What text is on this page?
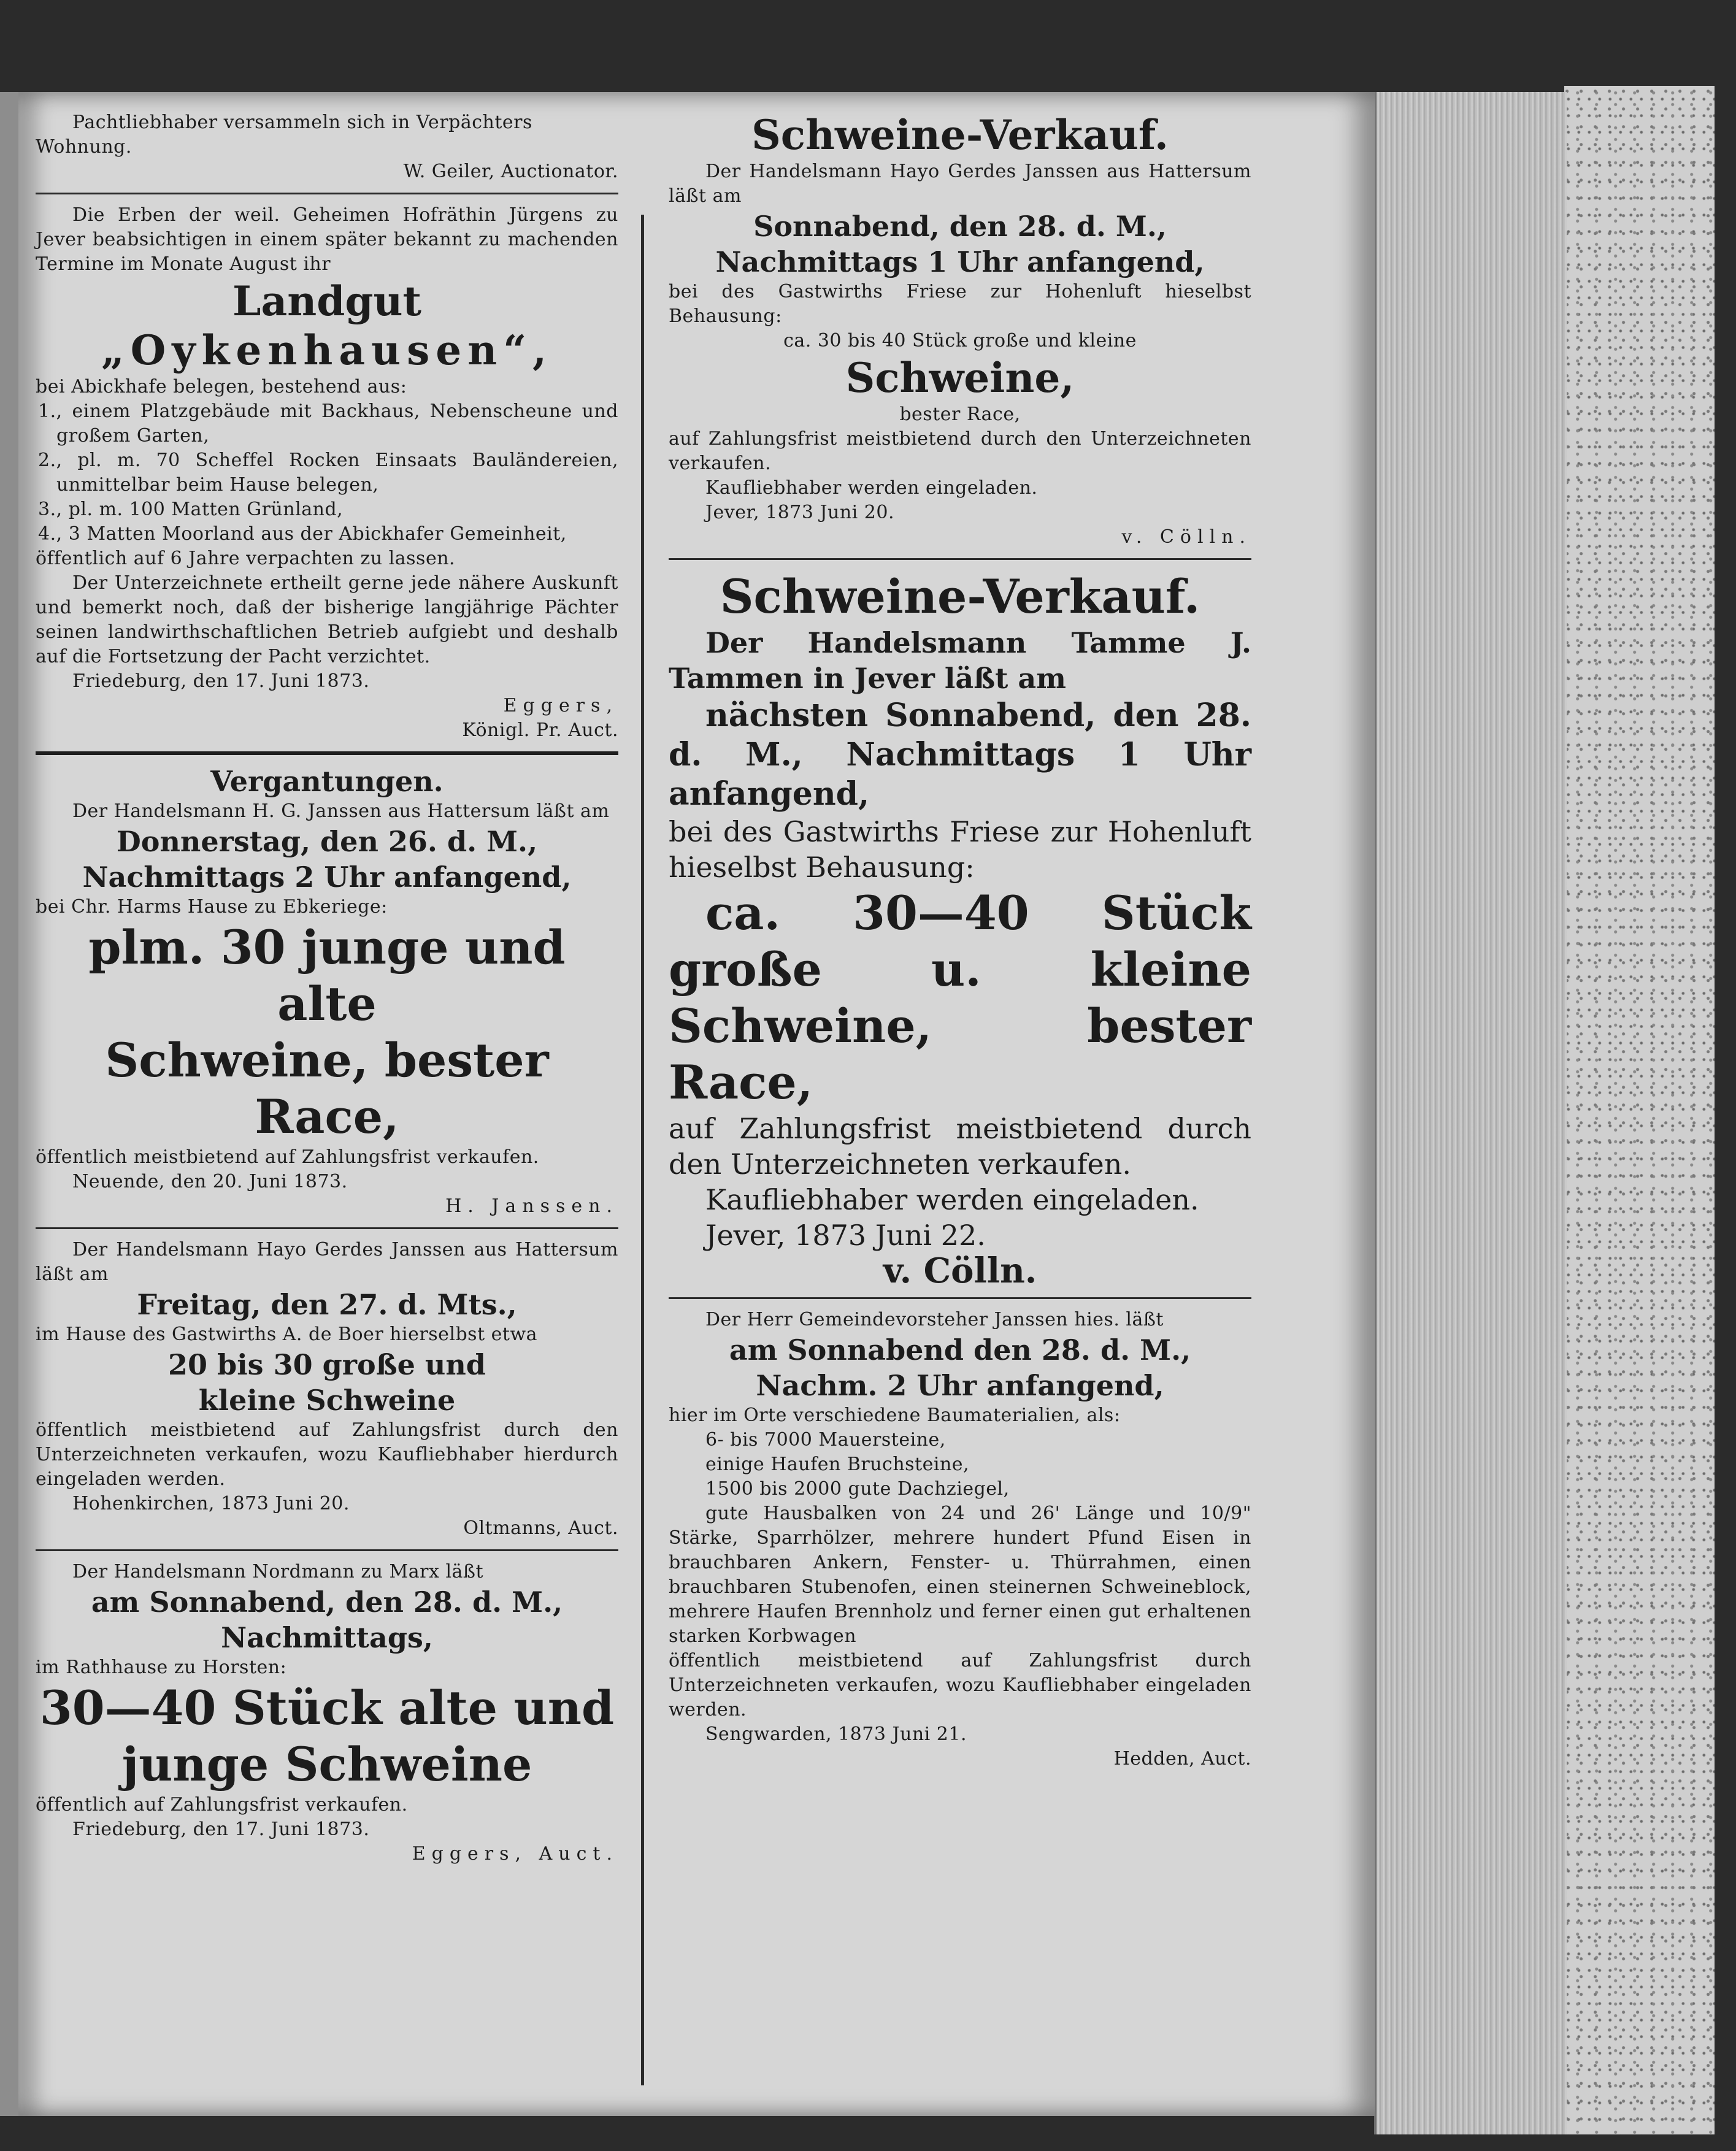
Pachtliebhaber versammeln sich in Verpächters

Wohnung.

W. Geiler, Auctionator.

Die Erben der weil. Geheimen Hofräthin Jürgens zu Jever beabsichtigen in einem später bekannt zu machenden Termine im Monate August ihr

Landgut

„Oykenhausen“,

bei Abickhafe belegen, bestehend aus:

1., einem Platzgebäude mit Backhaus, Nebenscheune und großem Garten,

2., pl. m. 70 Scheffel Rocken Einsaats Bauländereien, unmittelbar beim Hause belegen,

3., pl. m. 100 Matten Grünland,

4., 3 Matten Moorland aus der Abickhafer Gemeinheit,

öffentlich auf 6 Jahre verpachten zu lassen.

Der Unterzeichnete ertheilt gerne jede nähere Auskunft und bemerkt noch, daß der bisherige langjährige Pächter seinen landwirthschaftlichen Betrieb aufgiebt und deshalb auf die Fortsetzung der Pacht verzichtet.

Friedeburg, den 17. Juni 1873.

Eggers,

Königl. Pr. Auct.

Vergantungen.

Der Handelsmann H. G. Janssen aus Hattersum läßt am

Donnerstag, den 26. d. M.,

Nachmittags 2 Uhr anfangend,

bei Chr. Harms Hause zu Ebkeriege:

plm. 30 junge und alte

Schweine, bester Race,

öffentlich meistbietend auf Zahlungsfrist verkaufen.

Neuende, den 20. Juni 1873.

H. Janssen.

Der Handelsmann Hayo Gerdes Janssen aus Hattersum läßt am

Freitag, den 27. d. Mts.,

im Hause des Gastwirths A. de Boer hierselbst etwa

20 bis 30 große und

kleine Schweine

öffentlich meistbietend auf Zahlungsfrist durch den Unterzeichneten verkaufen, wozu Kaufliebhaber hierdurch eingeladen werden.

Hohenkirchen, 1873 Juni 20.

Oltmanns, Auct.

Der Handelsmann Nordmann zu Marx läßt

am Sonnabend, den 28. d. M.,

Nachmittags,

im Rathhause zu Horsten:

30—40 Stück alte und

junge Schweine

öffentlich auf Zahlungsfrist verkaufen.

Friedeburg, den 17. Juni 1873.

Eggers, Auct.

Schweine-Verkauf.

Der Handelsmann Hayo Gerdes Janssen aus Hattersum läßt am

Sonnabend, den 28. d. M.,

Nachmittags 1 Uhr anfangend,

bei des Gastwirths Friese zur Hohenluft hieselbst Behausung:

ca. 30 bis 40 Stück große und kleine

Schweine,

bester Race,

auf Zahlungsfrist meistbietend durch den Unterzeichneten verkaufen.

Kaufliebhaber werden eingeladen.

Jever, 1873 Juni 20.

v. Cölln.

Schweine-Verkauf.

Der Handelsmann Tamme J. Tammen in Jever läßt am

nächsten Sonnabend, den 28. d. M., Nachmittags 1 Uhr anfangend,

bei des Gastwirths Friese zur Hohenluft hieselbst Behausung:

ca. 30—40 Stück große u. kleine Schweine, bester Race,

auf Zahlungsfrist meistbietend durch den Unterzeichneten verkaufen.

Kaufliebhaber werden eingeladen.

Jever, 1873 Juni 22.

v. Cölln.

Der Herr Gemeindevorsteher Janssen hies. läßt

am Sonnabend den 28. d. M.,

Nachm. 2 Uhr anfangend,

hier im Orte verschiedene Baumaterialien, als:

6- bis 7000 Mauersteine,

einige Haufen Bruchsteine,

1500 bis 2000 gute Dachziegel,

gute Hausbalken von 24 und 26' Länge und 10/9" Stärke, Sparrhölzer, mehrere hundert Pfund Eisen in brauchbaren Ankern, Fenster- u. Thürrahmen, einen brauchbaren Stubenofen, einen steinernen Schweineblock, mehrere Haufen Brennholz und ferner einen gut erhaltenen starken Korbwagen

öffentlich meistbietend auf Zahlungsfrist durch Unterzeichneten verkaufen, wozu Kaufliebhaber eingeladen werden.

Sengwarden, 1873 Juni 21.

Hedden, Auct.
